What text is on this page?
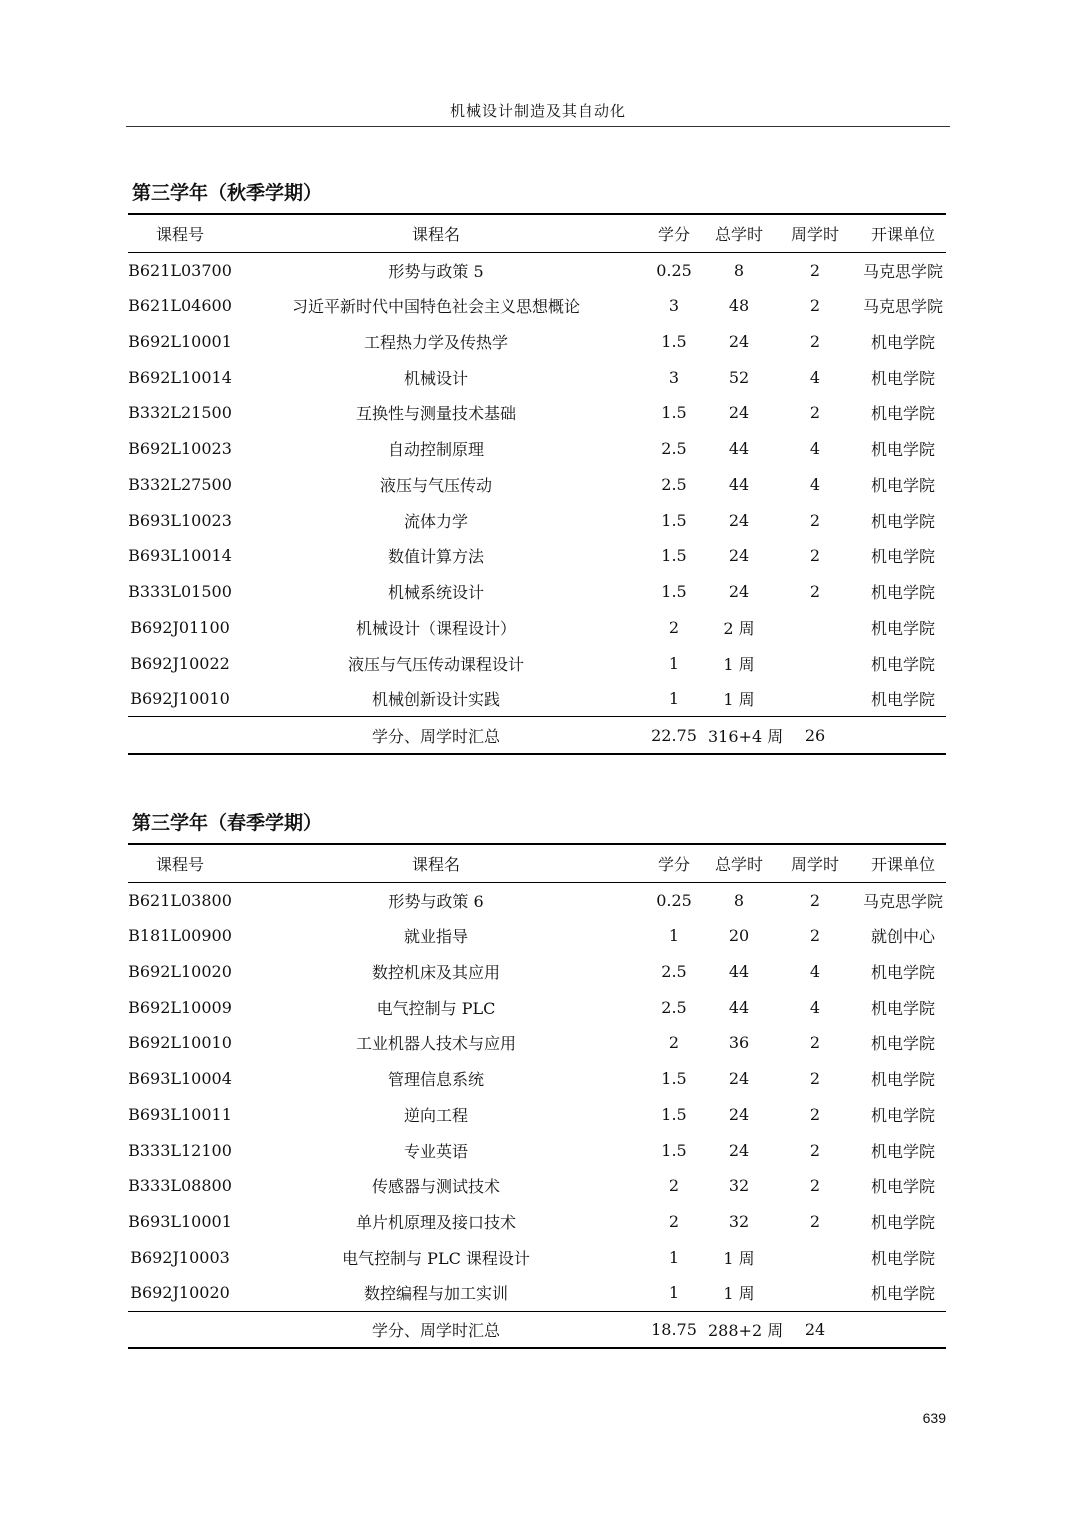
机械设计制造及其自动化
第三学年（秋季学期）
课程号	课程名	学分	总学时	周学时	开课单位
B621L03700	形势与政策 5	0.25	8	2	马克思学院
B621L04600	习近平新时代中国特色社会主义思想概论	3	48	2	马克思学院
B692L10001	工程热力学及传热学	1.5	24	2	机电学院
B692L10014	机械设计	3	52	4	机电学院
B332L21500	互换性与测量技术基础	1.5	24	2	机电学院
B692L10023	自动控制原理	2.5	44	4	机电学院
B332L27500	液压与气压传动	2.5	44	4	机电学院
B693L10023	流体力学	1.5	24	2	机电学院
B693L10014	数值计算方法	1.5	24	2	机电学院
B333L01500	机械系统设计	1.5	24	2	机电学院
B692J01100	机械设计（课程设计）	2	2 周		机电学院
B692J10022	液压与气压传动课程设计	1	1 周		机电学院
B692J10010	机械创新设计实践	1	1 周		机电学院
	学分、周学时汇总	22.75	316+4 周	26	
第三学年（春季学期）
课程号	课程名	学分	总学时	周学时	开课单位
B621L03800	形势与政策 6	0.25	8	2	马克思学院
B181L00900	就业指导	1	20	2	就创中心
B692L10020	数控机床及其应用	2.5	44	4	机电学院
B692L10009	电气控制与 PLC	2.5	44	4	机电学院
B692L10010	工业机器人技术与应用	2	36	2	机电学院
B693L10004	管理信息系统	1.5	24	2	机电学院
B693L10011	逆向工程	1.5	24	2	机电学院
B333L12100	专业英语	1.5	24	2	机电学院
B333L08800	传感器与测试技术	2	32	2	机电学院
B693L10001	单片机原理及接口技术	2	32	2	机电学院
B692J10003	电气控制与 PLC 课程设计	1	1 周		机电学院
B692J10020	数控编程与加工实训	1	1 周		机电学院
	学分、周学时汇总	18.75	288+2 周	24	
639
